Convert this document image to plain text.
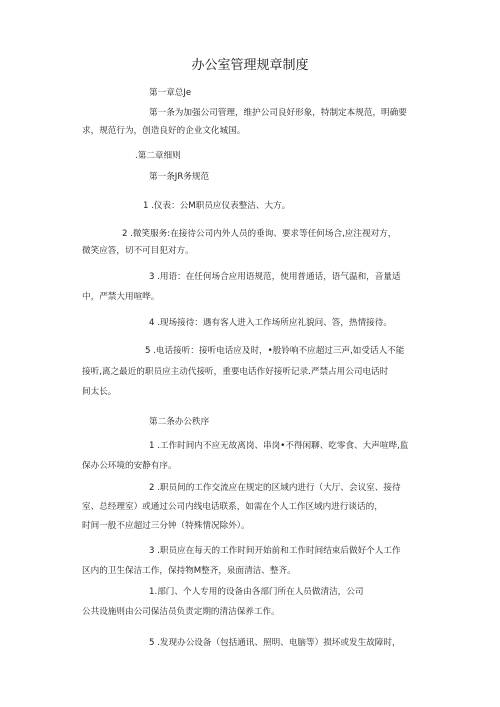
办公室管理规章制度
第一章总Je
第一条为加强公司管理，维护公司良好形象，特制定本规范，明确要
求，规范行为，创造良好的企业文化城国。
.第二章细则
第一条JR务规范
1 .仪表：公M职员应仪表整洁、大方。
2 .微笑服务:在接待公司内外人员的垂询、要求等任何场合,应注视对方，
微笑应答，切不可目犯对方。
3 .用语：在任何场合应用语规范，使用普通话，语气温和，音量适
中，严禁大用喧哗。
4 .现场接待：遇有客人进入工作场所应礼貌问、答，热情接待。
5 .电话接听：接听电话应及时，•般铃响不应超过三声,如受话人不能
接听,离之最近的职员应主动代接听，重要电话作好接听记录.严禁占用公司电话时
间太长。
第二条办公秩序
1 .工作时间内不应无故离岗、串岗•不得闲聊、吃零食、大声喧哗,监
保办公环境的安静有序。
2 .职员间的工作交流应在规定的区域内进行（大厅、会议室、接待
室、总经理室）或通过公司内线电话联系，如需在个人工作区域内进行谈话的，
时间一般不应超过三分钟（特殊情况除外）。
3 .职员应在每天的工作时间开始前和工作时间结束后做好个人工作
区内的卫生保洁工作，保持物M整齐，泉面清洁、整齐。
1.部门、个人专用的设备由各部门所在人员做清洁，公司
公共设施则由公司保洁员负责定期的清洁保养工作。
5 .发现办公设备（包括通讯、照明、电脑等）损坏或发生故障时，
